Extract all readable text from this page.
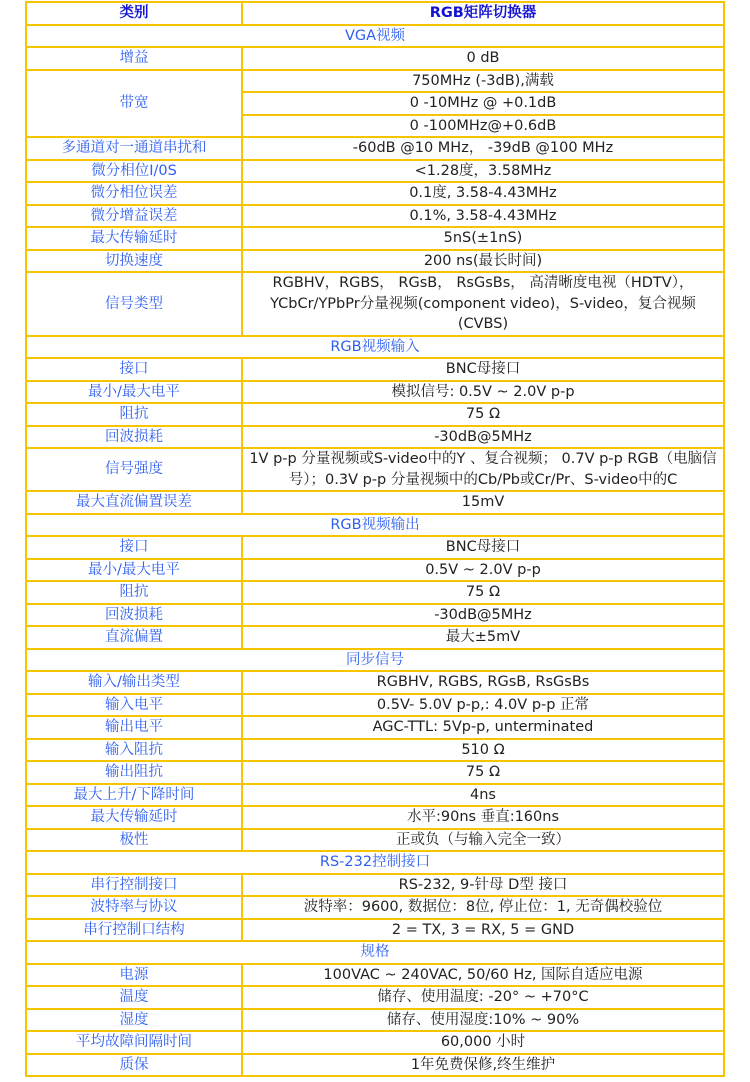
类别	RGB矩阵切换器
VGA视频	
增益	0 dB
带宽	750MHz (-3dB),满载
	0 -10MHz @ +0.1dB
	0 -100MHz@+0.6dB
多通道对一通道串扰和	-60dB @10 MHz， -39dB @100 MHz
微分相位I/0S	<1.28度，3.58MHz
微分相位误差	0.1度, 3.58-4.43MHz
微分增益误差	0.1%, 3.58-4.43MHz
最大传输延时	5nS(±1nS)
切换速度	200 ns(最长时间)
信号类型	RGBHV，RGBS， RGsB， RsGsBs， 高清晰度电视（HDTV）， YCbCr/YPbPr分量视频(component video)，S-video，复合视频(CVBS)
RGB视频输入	
接口	BNC母接口
最小/最大电平	模拟信号: 0.5V ~ 2.0V p-p
阻抗	75 Ω
回波损耗	-30dB@5MHz
信号强度	1V p-p 分量视频或S-video中的Y 、复合视频； 0.7V p-p RGB（电脑信号）；0.3V p-p 分量视频中的Cb/Pb或Cr/Pr、S-video中的C
最大直流偏置误差	15mV
RGB视频输出	
接口	BNC母接口
最小/最大电平	0.5V ~ 2.0V p-p
阻抗	75 Ω
回波损耗	-30dB@5MHz
直流偏置	最大±5mV
同步信号	
输入/输出类型	RGBHV, RGBS, RGsB, RsGsBs
输入电平	0.5V- 5.0V p-p,: 4.0V p-p 正常
输出电平	AGC-TTL: 5Vp-p, unterminated
输入阻抗	510 Ω
输出阻抗	75 Ω
最大上升/下降时间	4ns
最大传输延时	水平:90ns 垂直:160ns
极性	正或负（与输入完全一致）
RS-232控制接口	
串行控制接口	RS-232, 9-针母 D型 接口
波特率与协议	波特率：9600, 数据位：8位, 停止位：1, 无奇偶校验位
串行控制口结构	2 = TX, 3 = RX, 5 = GND
规格	
电源	100VAC ~ 240VAC, 50/60 Hz, 国际自适应电源
温度	储存、使用温度: -20° ~ +70°C
湿度	储存、使用湿度:10% ~ 90%
平均故障间隔时间	60,000 小时
质保	1年免费保修,终生维护
